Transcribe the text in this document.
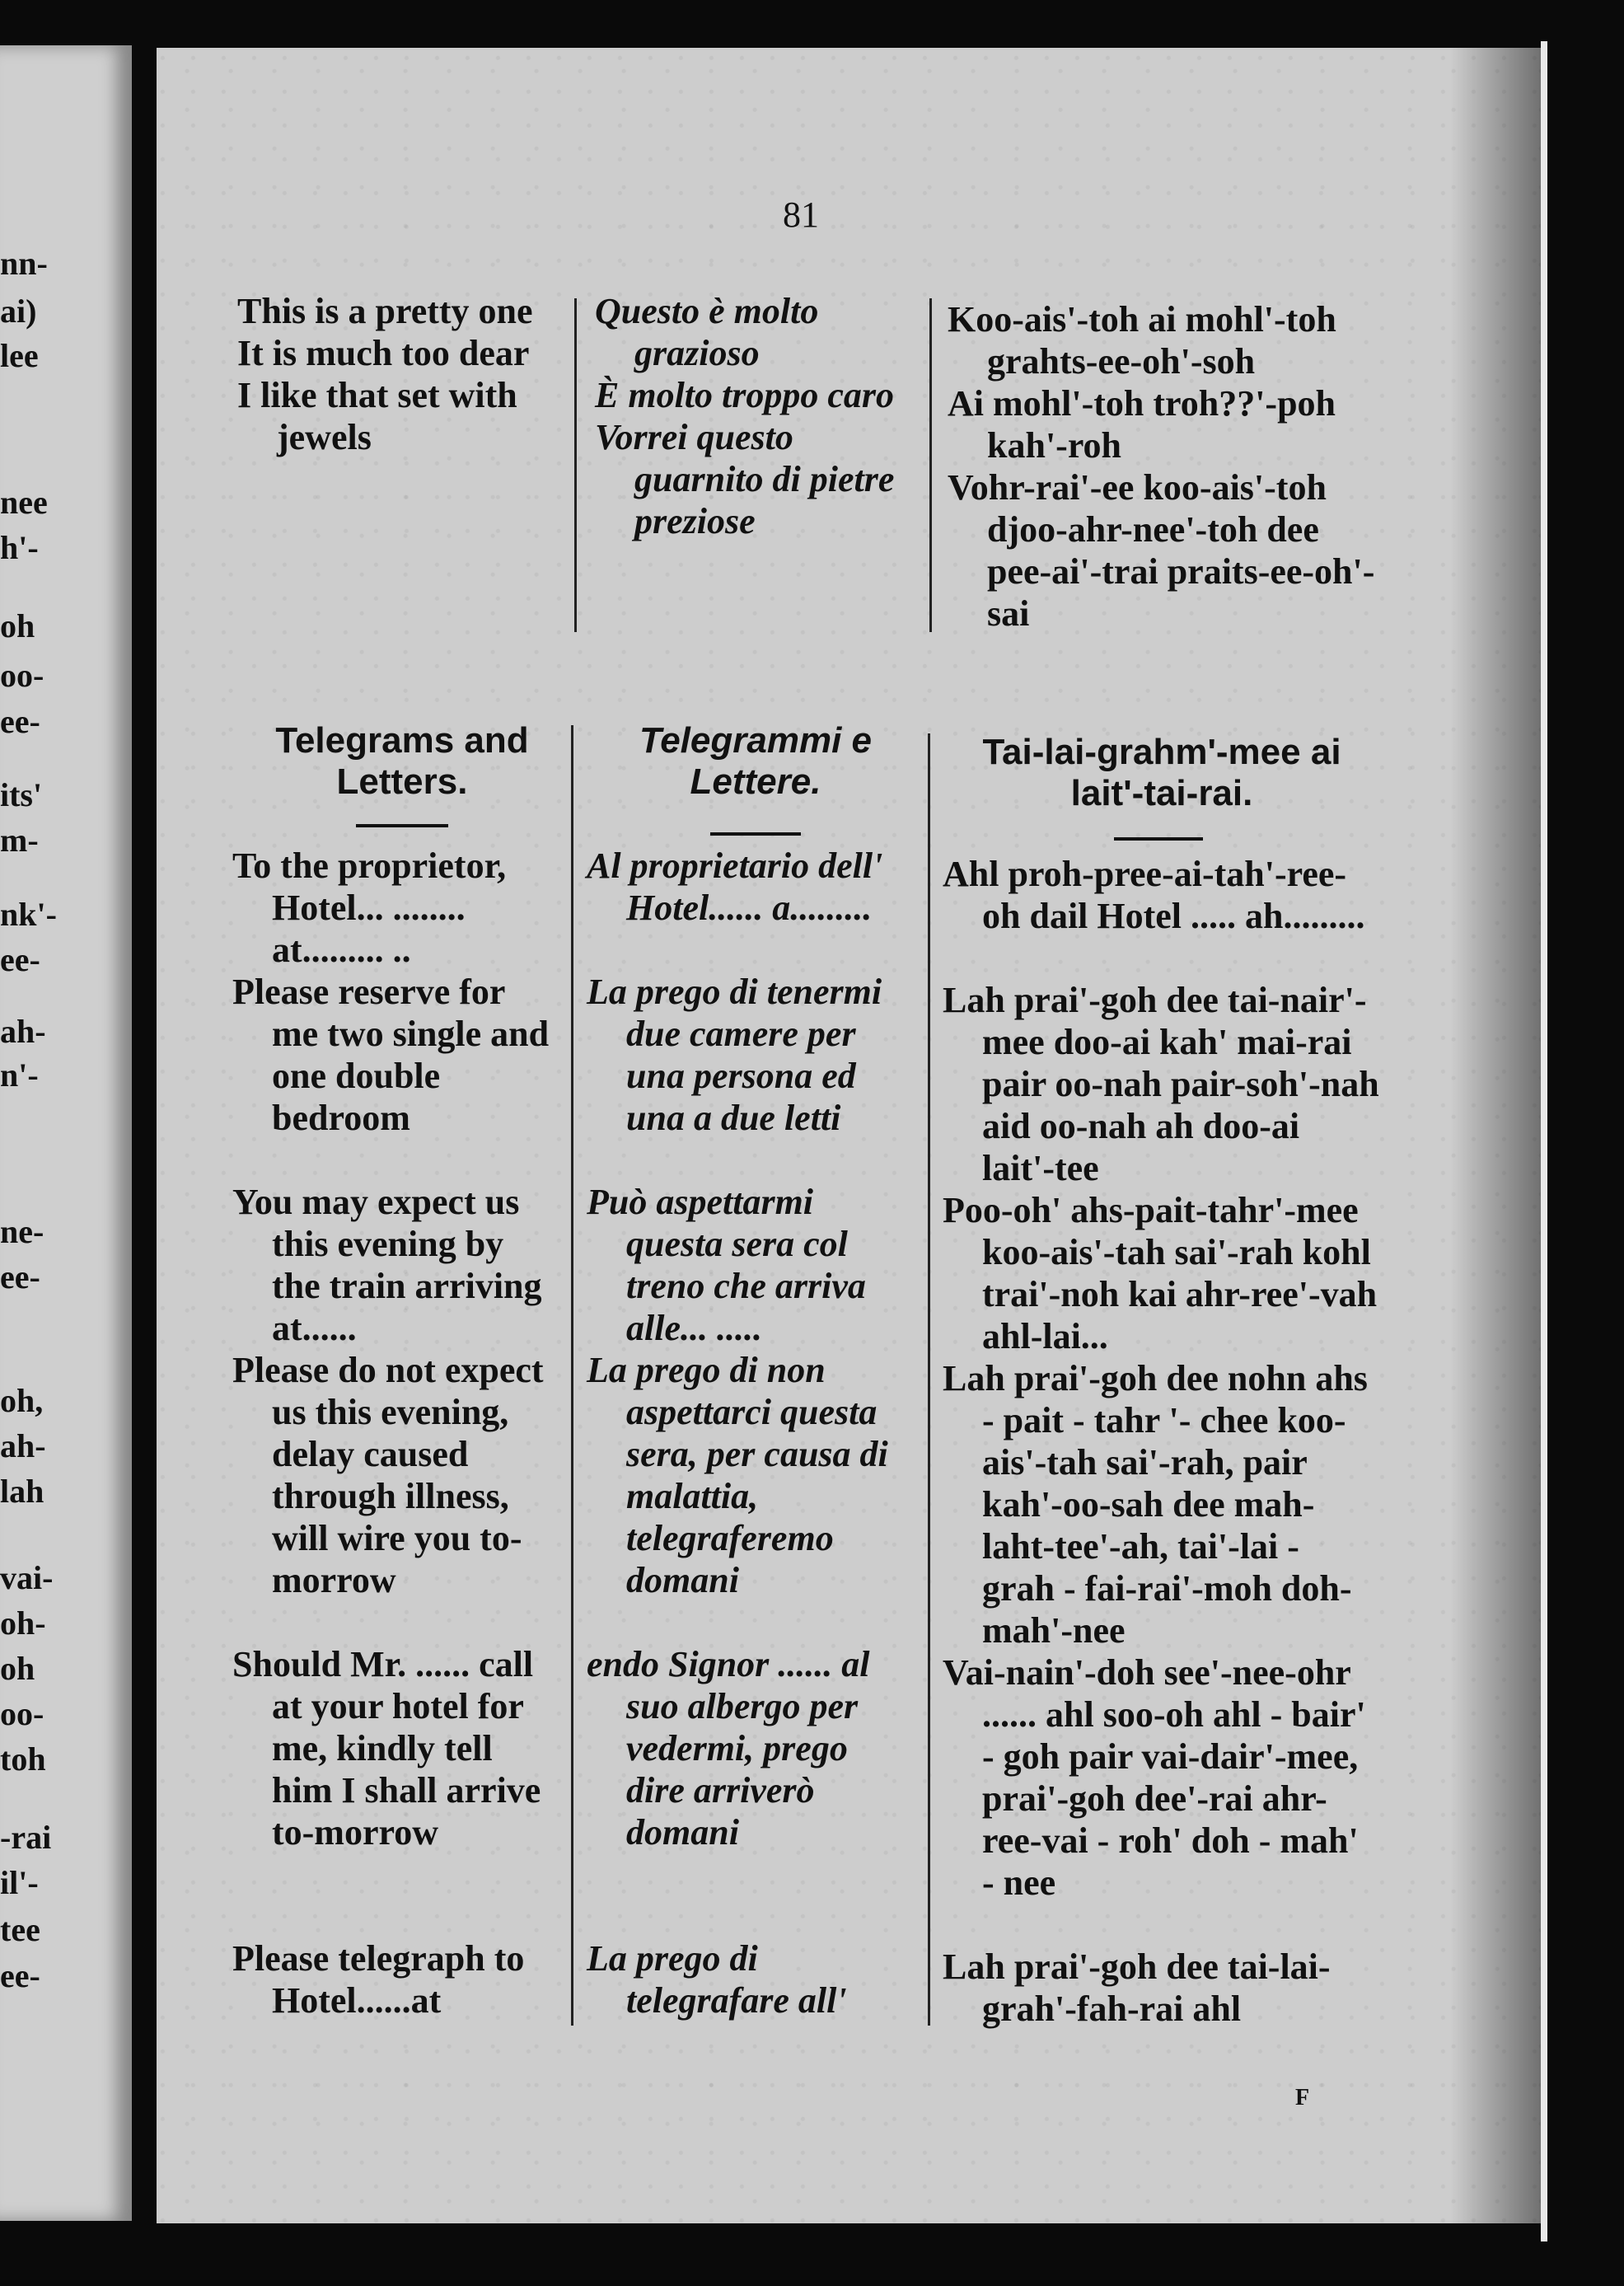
nn-
ai)
lee
nee
h'-
oh
oo-
ee-
its'
m-
nk'-
ee-
ah-
n'-
ne-
ee-
oh,
ah-
lah
vai-
oh-
oh
oo-
toh
-rai
il'-
tee
ee-
81
This is a pretty one
It is much too dear
I like that set with jewels
Questo è molto grazioso
È molto troppo caro
Vorrei questo guarnito di pietre preziose
Koo-ais'-toh ai mohl'-toh grahts-ee-oh'-soh
Ai mohl'-toh troh??'-poh kah'-roh
Vohr-rai'-ee koo-ais'-toh djoo-ahr-nee'-toh dee pee-ai'-trai praits-ee-oh'-sai
Telegrams and Letters.
Telegrammi e Lettere.
Tai-lai-grahm'-mee ai lait'-tai-rai.
To the proprietor, Hotel... ........ at......... ..
Please reserve for me two single and one double bedroom
You may expect us this evening by the train arriving at......
Please do not expect us this evening, delay caused through illness, will wire you to-morrow
Should Mr. ...... call at your hotel for me, kindly tell him I shall arrive to-morrow
Please telegraph to Hotel......at
Al proprietario dell' Hotel...... a.........
La prego di tenermi due camere per una persona ed una a due letti
Può aspettarmi questa sera col treno che arriva alle... .....
La prego di non aspettarci questa sera, per causa di malattia, telegraferemo domani
endo Signor ...... al suo albergo per vedermi, prego dire arriverò domani
La prego di telegrafare all'
Ahl proh-pree-ai-tah'-ree-oh dail Hotel ..... ah.........
Lah prai'-goh dee tai-nair'-mee doo-ai kah' mai-rai pair oo-nah pair-soh'-nah aid oo-nah ah doo-ai lait'-tee
Poo-oh' ahs-pait-tahr'-mee koo-ais'-tah sai'-rah kohl trai'-noh kai ahr-ree'-vah ahl-lai...
Lah prai'-goh dee nohn ahs - pait - tahr '- chee koo-ais'-tah sai'-rah, pair kah'-oo-sah dee mah-laht-tee'-ah, tai'-lai - grah - fai-rai'-moh doh-mah'-nee
Vai-nain'-doh see'-nee-ohr ...... ahl soo-oh ahl - bair' - goh pair vai-dair'-mee, prai'-goh dee'-rai ahr-ree-vai - roh' doh - mah' - nee
Lah prai'-goh dee tai-lai-grah'-fah-rai ahl
F
